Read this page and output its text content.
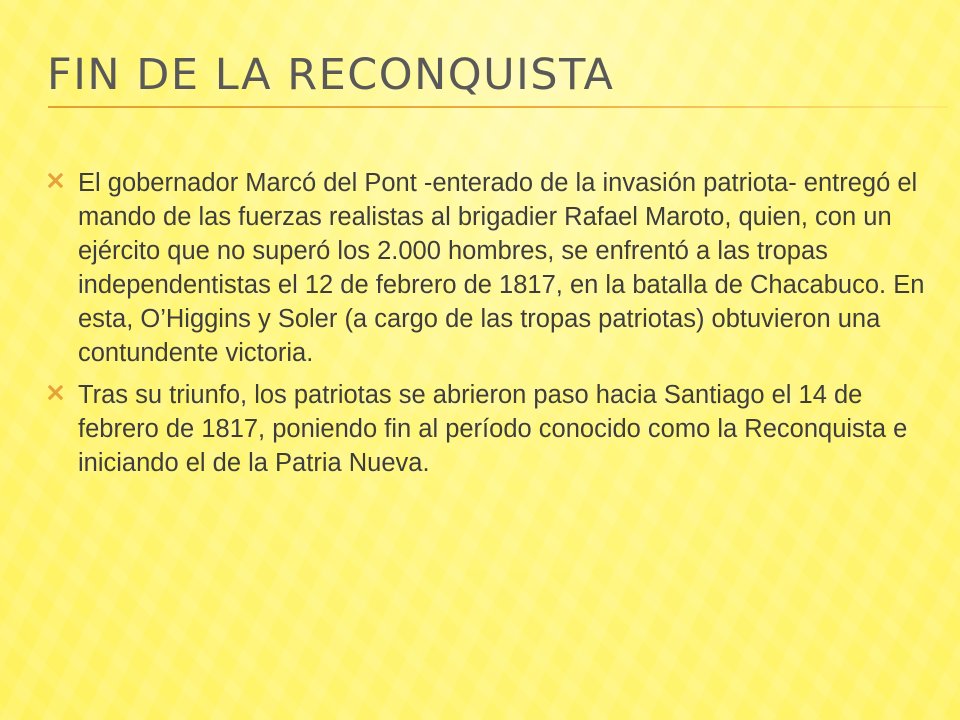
FIN DE LA RECONQUISTA
El gobernador Marcó del Pont -enterado de la invasión patriota- entregó el mando de las fuerzas realistas al brigadier Rafael Maroto, quien, con un ejército que no superó los 2.000 hombres, se enfrentó a las tropas independentistas el 12 de febrero de 1817, en la batalla de Chacabuco. En esta, O’Higgins y Soler (a cargo de las tropas patriotas) obtuvieron una contundente victoria.
Tras su triunfo, los patriotas se abrieron paso hacia Santiago el 14 de febrero de 1817, poniendo fin al período conocido como la Reconquista e iniciando el de la Patria Nueva.
